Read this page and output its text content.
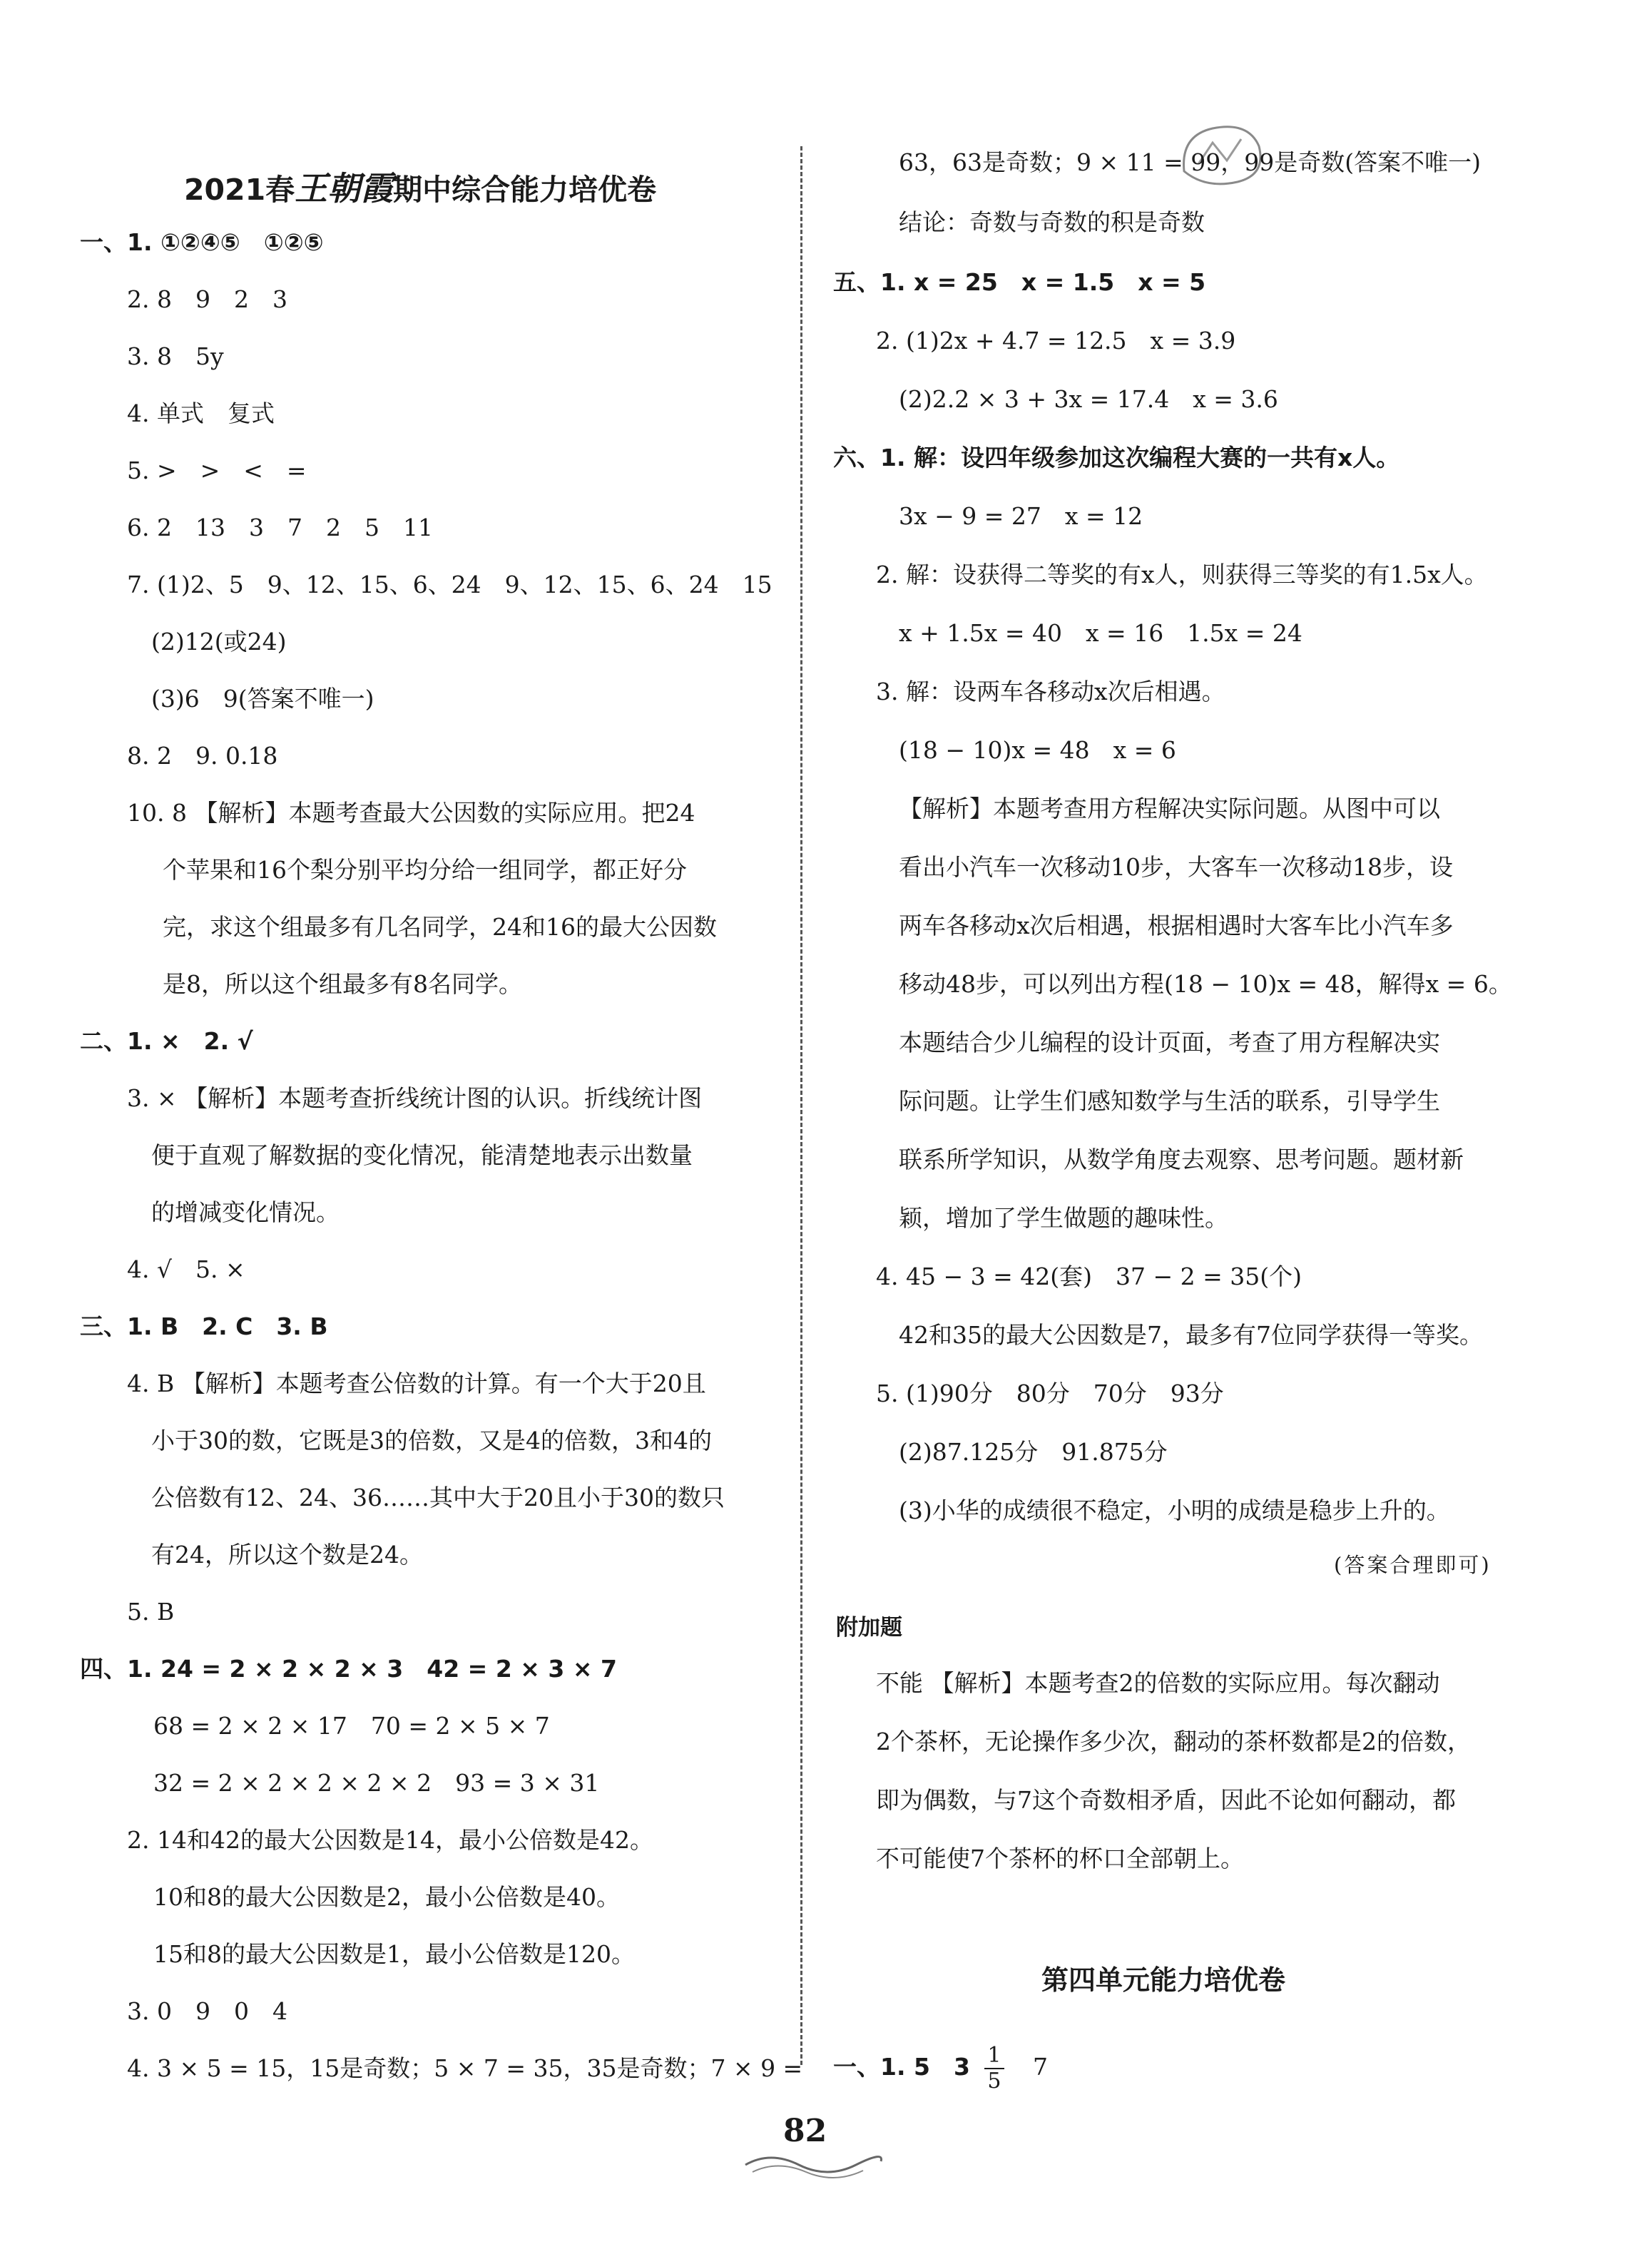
2021春王朝霞期中综合能力培优卷
一、1. ①②④⑤　①②⑤
2. 8　9　2　3
3. 8　5y
4. 单式　复式
5. >　>　<　=
6. 2　13　3　7　2　5　11
7. (1)2、5　9、12、15、6、24　9、12、15、6、24　15
(2)12(或24)
(3)6　9(答案不唯一)
8. 2　9. 0.18
10. 8 【解析】本题考查最大公因数的实际应用。把24
个苹果和16个梨分别平均分给一组同学，都正好分
完，求这个组最多有几名同学，24和16的最大公因数
是8，所以这个组最多有8名同学。
二、1. ×　2. √
3. × 【解析】本题考查折线统计图的认识。折线统计图
便于直观了解数据的变化情况，能清楚地表示出数量
的增减变化情况。
4. √　5. ×
三、1. B　2. C　3. B
4. B 【解析】本题考查公倍数的计算。有一个大于20且
小于30的数，它既是3的倍数，又是4的倍数，3和4的
公倍数有12、24、36……其中大于20且小于30的数只
有24，所以这个数是24。
5. B
四、1. 24 = 2 × 2 × 2 × 3　42 = 2 × 3 × 7
68 = 2 × 2 × 17　70 = 2 × 5 × 7
32 = 2 × 2 × 2 × 2 × 2　93 = 3 × 31
2. 14和42的最大公因数是14，最小公倍数是42。
10和8的最大公因数是2，最小公倍数是40。
15和8的最大公因数是1，最小公倍数是120。
3. 0　9　0　4
4. 3 × 5 = 15，15是奇数；5 × 7 = 35，35是奇数；7 × 9 =
63，63是奇数；9 × 11 = 99，99是奇数(答案不唯一)
结论：奇数与奇数的积是奇数
五、1. x = 25　x = 1.5　x = 5
2. (1)2x + 4.7 = 12.5　x = 3.9
(2)2.2 × 3 + 3x = 17.4　x = 3.6
六、1. 解：设四年级参加这次编程大赛的一共有x人。
3x − 9 = 27　x = 12
2. 解：设获得二等奖的有x人，则获得三等奖的有1.5x人。
x + 1.5x = 40　x = 16　1.5x = 24
3. 解：设两车各移动x次后相遇。
(18 − 10)x = 48　x = 6
【解析】本题考查用方程解决实际问题。从图中可以
看出小汽车一次移动10步，大客车一次移动18步，设
两车各移动x次后相遇，根据相遇时大客车比小汽车多
移动48步，可以列出方程(18 − 10)x = 48，解得x = 6。
本题结合少儿编程的设计页面，考查了用方程解决实
际问题。让学生们感知数学与生活的联系，引导学生
联系所学知识，从数学角度去观察、思考问题。题材新
颖，增加了学生做题的趣味性。
4. 45 − 3 = 42(套)　37 − 2 = 35(个)
42和35的最大公因数是7，最多有7位同学获得一等奖。
5. (1)90分　80分　70分　93分
(2)87.125分　91.875分
(3)小华的成绩很不稳定，小明的成绩是稳步上升的。
(答案合理即可)
附加题
不能 【解析】本题考查2的倍数的实际应用。每次翻动
2个茶杯，无论操作多少次，翻动的茶杯数都是2的倍数，
即为偶数，与7这个奇数相矛盾，因此不论如何翻动，都
不可能使7个茶杯的杯口全部朝上。
第四单元能力培优卷
一、1. 5　$3 \frac{1}{5} 7$
82
